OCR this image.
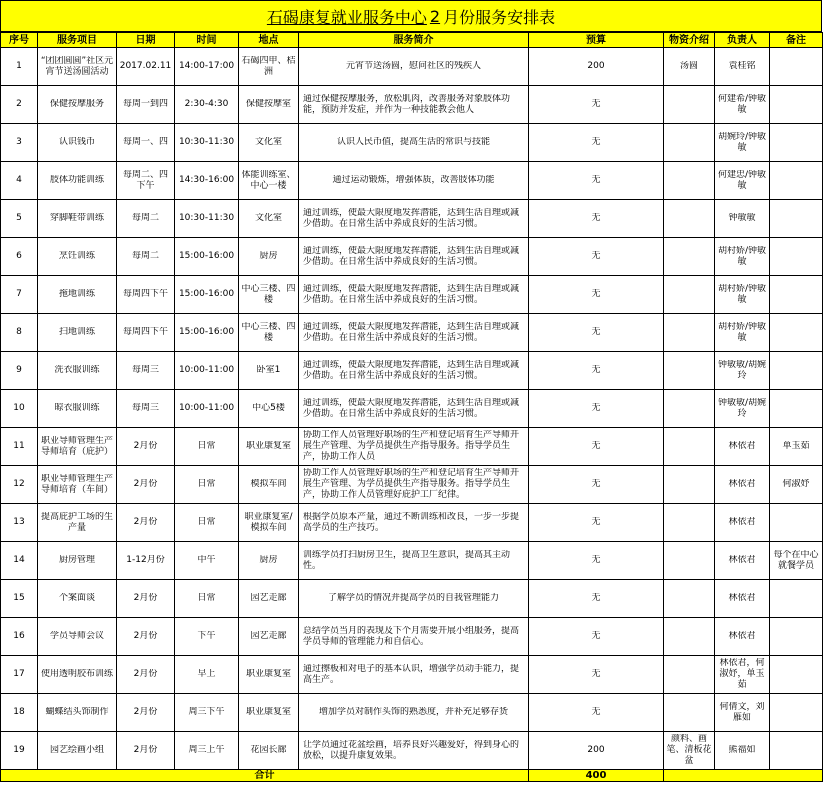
石碣 康复就业服务中心 2 月份服务安排表
序号	服务项目	日期	时间	地点	服务简介	预算	物资介绍	负责人	备注

1	“团团圆圆”社区元宵节送汤圆活动	2017.02.11	14:00-17:00	石碣四甲、桔洲	元宵节送汤圆，慰问社区的残疾人	200	汤圆	袁桂铭	

2	保健按摩服务	每周一到四	2:30-4:30	保健按摩室	通过保健按摩服务，放松肌肉，改善服务对象肢体功能，预防并发症，并作为一种技能教会他人	无		何建希/钟敏敏	

3	认识钱币	每周一、四	10:30-11:30	文化室	认识人民币值，提高生活的常识与技能	无		胡婉玲/钟敏敏	

4	肢体功能训练	每周二、四下午	14:30-16:00	体能训练室、中心一楼	通过运动锻炼，增强体质，改善肢体功能	无		何建忠/钟敏敏	

5	穿脚鞋带训练	每周二	10:30-11:30	文化室	通过训练，使最大限度地发挥潜能，达到生活自理或减少借助。在日常生活中养成良好的生活习惯。	无		钟敏敏	

6	烹饪训练	每周二	15:00-16:00	厨房	通过训练，使最大限度地发挥潜能，达到生活自理或减少借助。在日常生活中养成良好的生活习惯。	无		胡村娇/钟敏敏	

7	拖地训练	每周四下午	15:00-16:00	中心三楼、四楼	通过训练，使最大限度地发挥潜能，达到生活自理或减少借助。在日常生活中养成良好的生活习惯。	无		胡村娇/钟敏敏	

8	扫地训练	每周四下午	15:00-16:00	中心三楼、四楼	通过训练，使最大限度地发挥潜能，达到生活自理或减少借助。在日常生活中养成良好的生活习惯。	无		胡村娇/钟敏敏	

9	洗衣服训练	每周三	10:00-11:00	卧室1	通过训练，使最大限度地发挥潜能，达到生活自理或减少借助。在日常生活中养成良好的生活习惯。	无		钟敏敏/胡婉玲	

10	晾衣服训练	每周三	10:00-11:00	中心5楼	通过训练，使最大限度地发挥潜能，达到生活自理或减少借助。在日常生活中养成良好的生活习惯。	无		钟敏敏/胡婉玲	

11	职业导师管理生产导师培育（庇护）	2月份	日常	职业康复室	协助工作人员管理好职场的生产和登记培育生产导师开展生产管理、为学员提供生产指导服务。指导学员生产，协助工作人员	无		林依君	单玉茹

12	职业导师管理生产导师培育（车间）	2月份	日常	模拟车间	协助工作人员管理好职场的生产和登记培育生产导师开展生产管理、为学员提供生产指导服务。指导学员生产，协助工作人员管理好庇护工厂纪律。	无		林依君	何淑妤

13	提高庇护工场的生产量	2月份	日常	职业康复室/模拟车间	根据学员原本产量，通过不断训练和改良，一步一步提高学员的生产技巧。	无		林依君	

14	厨房管理	1-12月份	中午	厨房	训练学员打扫厨房卫生，提高卫生意识，提高其主动性。	无		林依君	每个在中心就餐学员

15	个案面谈	2月份	日常	园艺走廊	了解学员的情况并提高学员的自我管理能力	无		林依君	

16	学员导师会议	2月份	下午	园艺走廊	总结学员当月的表现及下个月需要开展小组服务，提高学员导师的管理能力和自信心。	无		林依君	

17	使用透明胶布训练	2月份	早上	职业康复室	通过擦板和对电子的基本认识，增强学员动手能力，提高生产。	无		林依君，何淑妤，单玉茹	

18	蝴蝶结头饰制作	2月份	周三下午	职业康复室	增加学员对制作头饰的熟悉度，并补充足够存货	无		何倩文，刘雁如	

19	园艺绘画小组	2月份	周三上午	花园长廊	让学员通过花盆绘画，培养良好兴趣爱好，得到身心的放松，以提升康复效果。	200	颜料、画笔、清板花盆	熊福如	

合计						400			
